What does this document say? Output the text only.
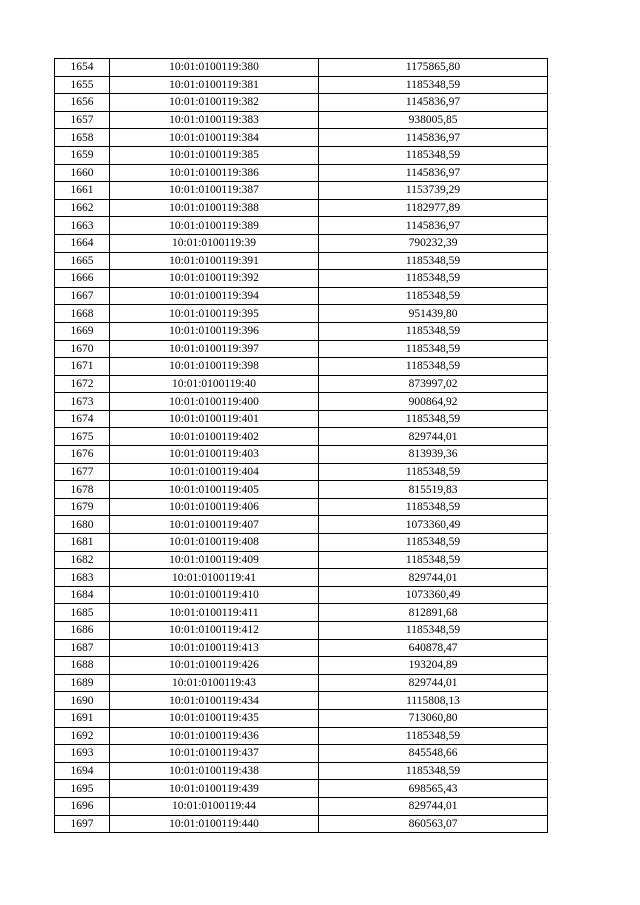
1654	10:01:0100119:380	1175865,80
1655	10:01:0100119:381	1185348,59
1656	10:01:0100119:382	1145836,97
1657	10:01:0100119:383	938005,85
1658	10:01:0100119:384	1145836,97
1659	10:01:0100119:385	1185348,59
1660	10:01:0100119:386	1145836,97
1661	10:01:0100119:387	1153739,29
1662	10:01:0100119:388	1182977,89
1663	10:01:0100119:389	1145836,97
1664	10:01:0100119:39	790232,39
1665	10:01:0100119:391	1185348,59
1666	10:01:0100119:392	1185348,59
1667	10:01:0100119:394	1185348,59
1668	10:01:0100119:395	951439,80
1669	10:01:0100119:396	1185348,59
1670	10:01:0100119:397	1185348,59
1671	10:01:0100119:398	1185348,59
1672	10:01:0100119:40	873997,02
1673	10:01:0100119:400	900864,92
1674	10:01:0100119:401	1185348,59
1675	10:01:0100119:402	829744,01
1676	10:01:0100119:403	813939,36
1677	10:01:0100119:404	1185348,59
1678	10:01:0100119:405	815519,83
1679	10:01:0100119:406	1185348,59
1680	10:01:0100119:407	1073360,49
1681	10:01:0100119:408	1185348,59
1682	10:01:0100119:409	1185348,59
1683	10:01:0100119:41	829744,01
1684	10:01:0100119:410	1073360,49
1685	10:01:0100119:411	812891,68
1686	10:01:0100119:412	1185348,59
1687	10:01:0100119:413	640878,47
1688	10:01:0100119:426	193204,89
1689	10:01:0100119:43	829744,01
1690	10:01:0100119:434	1115808,13
1691	10:01:0100119:435	713060,80
1692	10:01:0100119:436	1185348,59
1693	10:01:0100119:437	845548,66
1694	10:01:0100119:438	1185348,59
1695	10:01:0100119:439	698565,43
1696	10:01:0100119:44	829744,01
1697	10:01:0100119:440	860563,07
